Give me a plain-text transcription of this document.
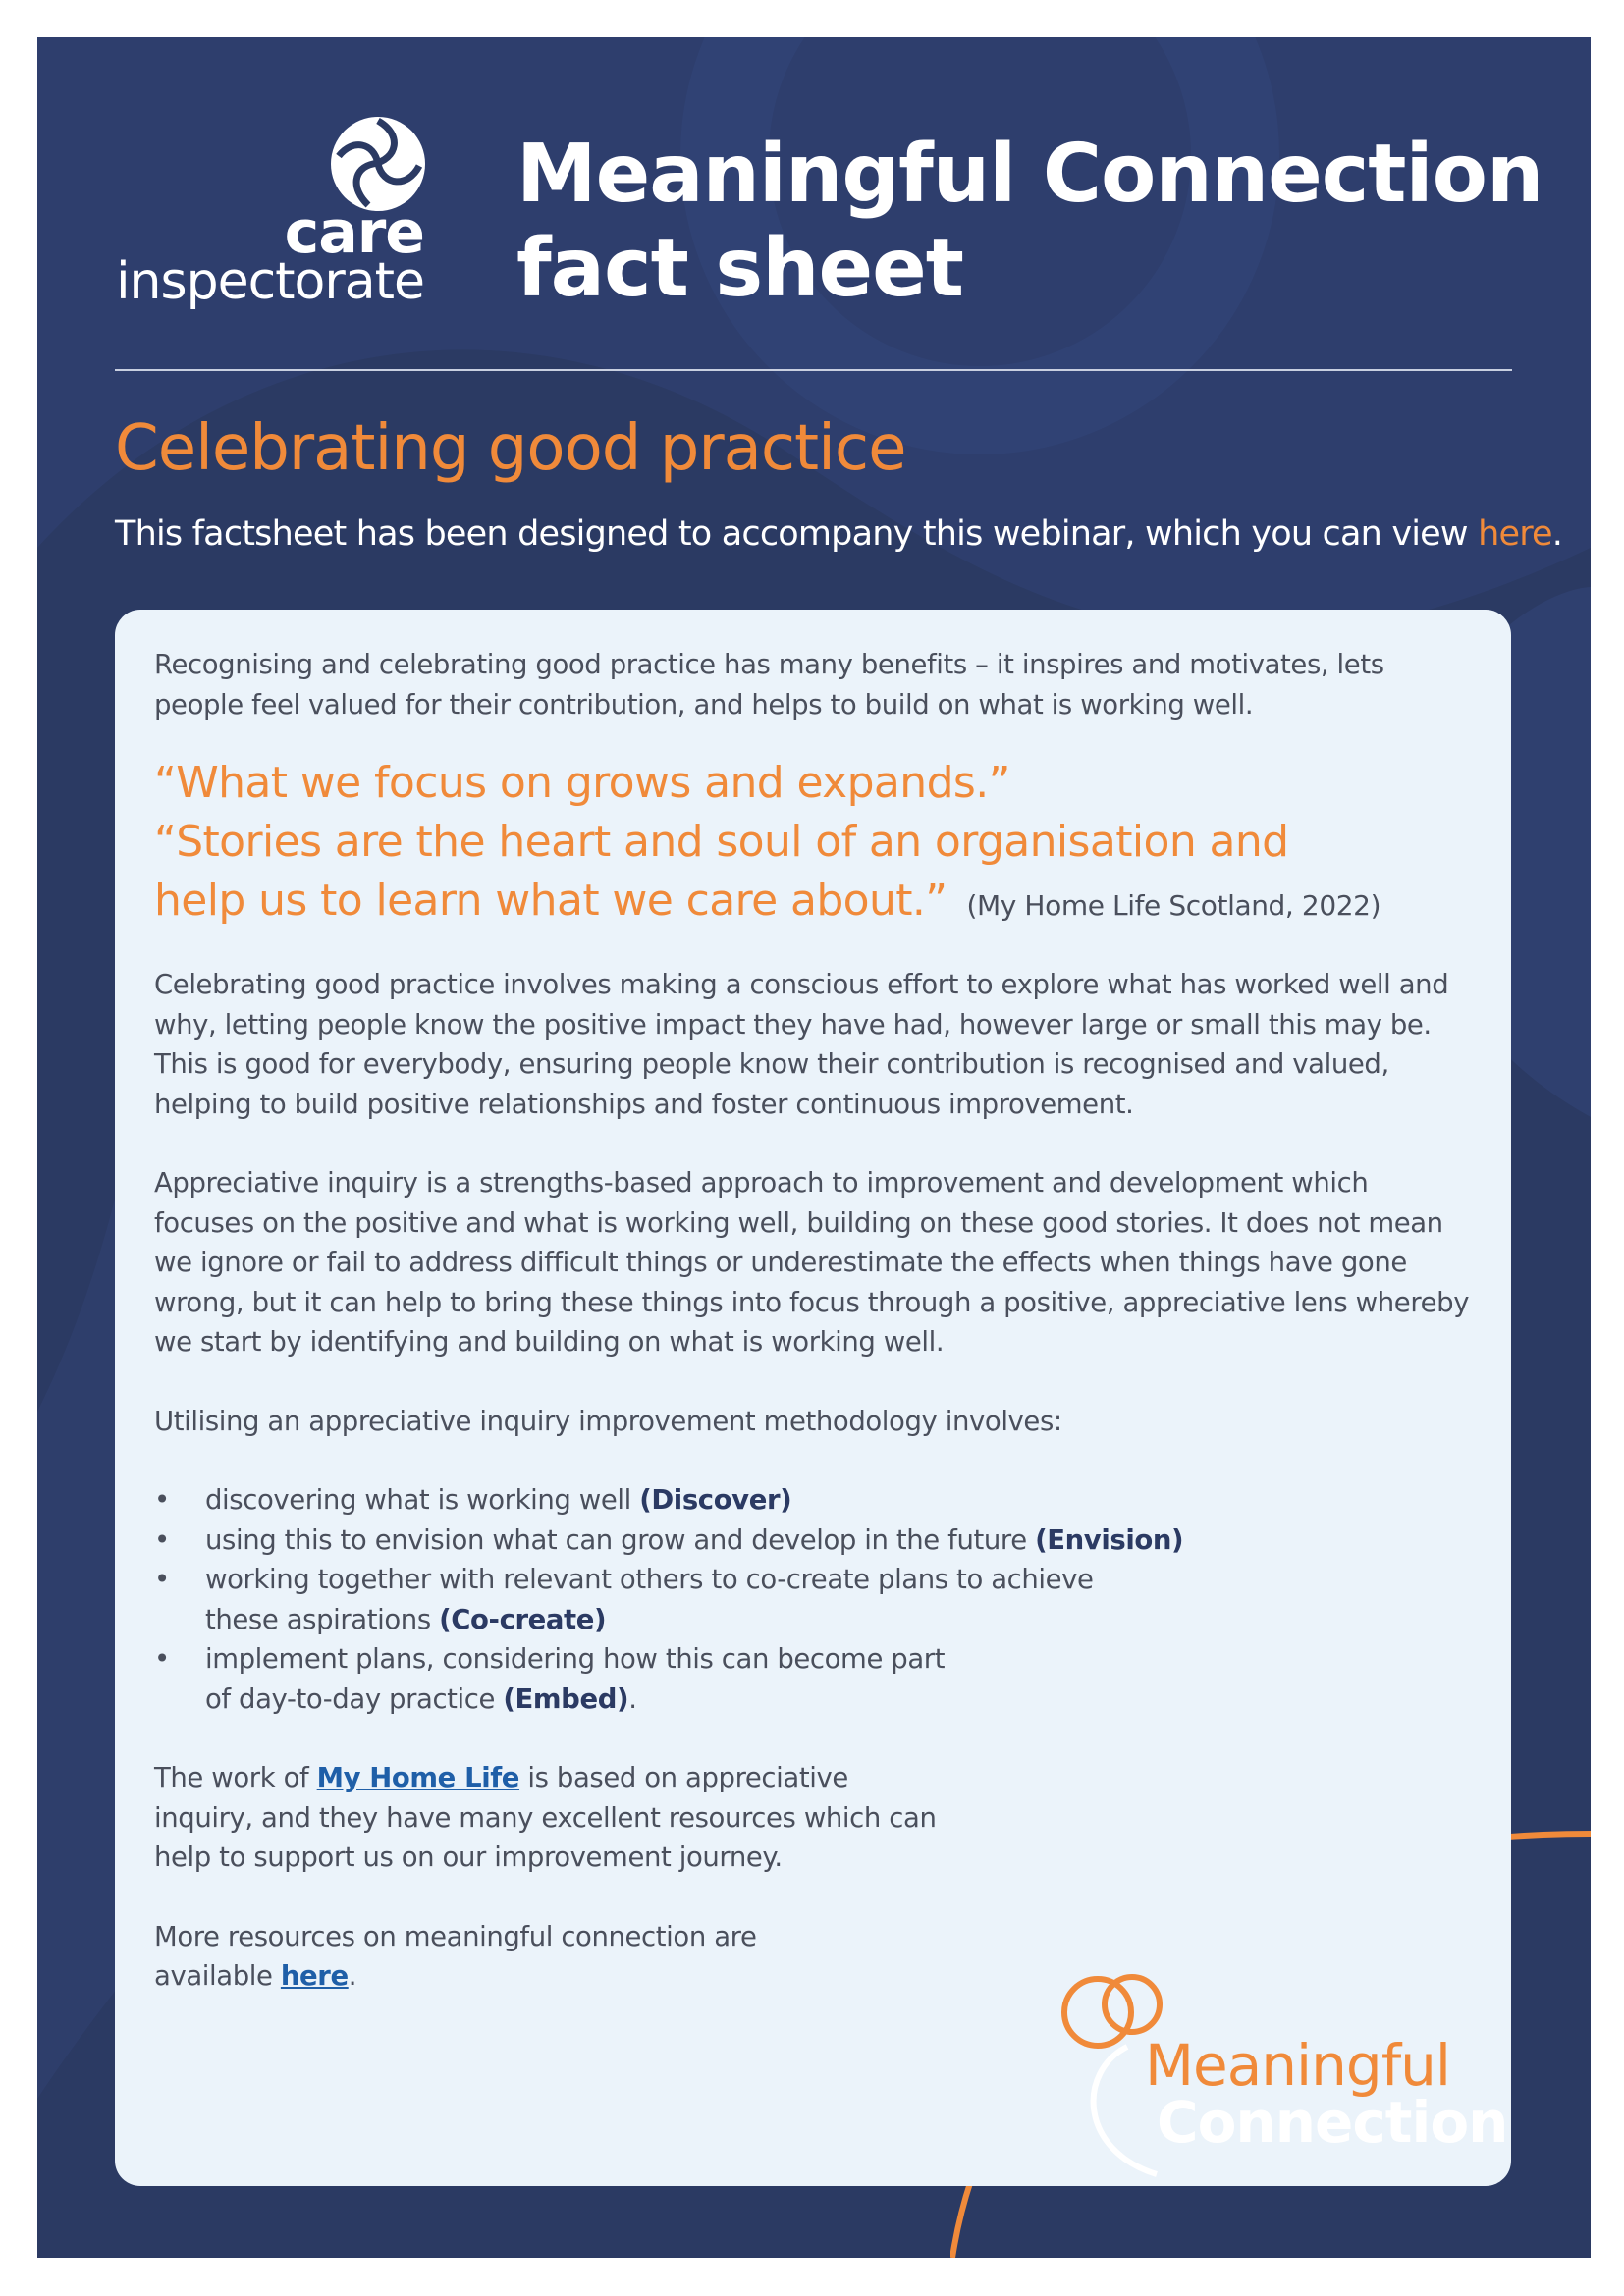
care
inspectorate
Meaningful Connection
fact sheet
Celebrating good practice

This factsheet has been designed to accompany this webinar, which you can view here.

Recognising and celebrating good practice has many benefits – it inspires and motivates, lets people feel valued for their contribution, and helps to build on what is working well.

“What we focus on grows and expands.”
“Stories are the heart and soul of an organisation and
help us to learn what we care about.” (My Home Life Scotland, 2022)

Celebrating good practice involves making a conscious effort to explore what has worked well and why, letting people know the positive impact they have had, however large or small this may be. This is good for everybody, ensuring people know their contribution is recognised and valued, helping to build positive relationships and foster continuous improvement.

Appreciative inquiry is a strengths-based approach to improvement and development which focuses on the positive and what is working well, building on these good stories. It does not mean we ignore or fail to address difficult things or underestimate the effects when things have gone wrong, but it can help to bring these things into focus through a positive, appreciative lens whereby we start by identifying and building on what is working well.

Utilising an appreciative inquiry improvement methodology involves:

• discovering what is working well (Discover)
• using this to envision what can grow and develop in the future (Envision)
• working together with relevant others to co-create plans to achieve these aspirations (Co-create)
• implement plans, considering how this can become part of day-to-day practice (Embed).

The work of My Home Life is based on appreciative inquiry, and they have many excellent resources which can help to support us on our improvement journey.

More resources on meaningful connection are available here.

Meaningful
Connection
